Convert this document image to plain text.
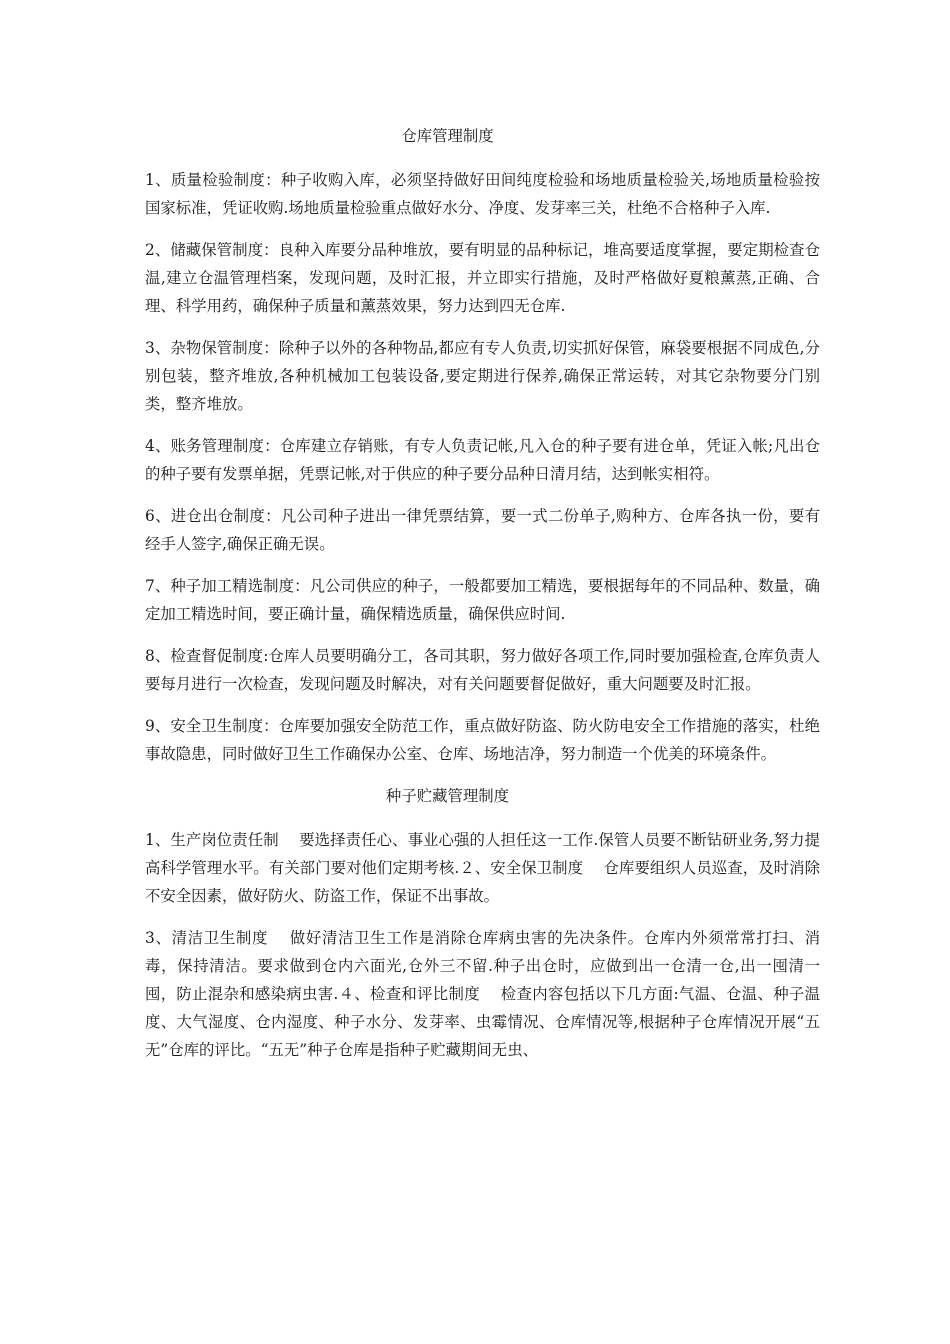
仓库管理制度

1、质量检验制度：种子收购入库，必须坚持做好田间纯度检验和场地质量检验关,场地质量检验按国家标准，凭证收购.场地质量检验重点做好水分、净度、发芽率三关，杜绝不合格种子入库.

2、储藏保管制度：良种入库要分品种堆放，要有明显的品种标记，堆高要适度掌握，要定期检查仓温,建立仓温管理档案，发现问题，及时汇报，并立即实行措施，及时严格做好夏粮薰蒸,正确、合理、科学用药，确保种子质量和薰蒸效果，努力达到四无仓库.

3、杂物保管制度：除种子以外的各种物品,都应有专人负责,切实抓好保管，麻袋要根据不同成色,分别包装，整齐堆放,各种机械加工包装设备,要定期进行保养,确保正常运转，对其它杂物要分门别类，整齐堆放。

4、账务管理制度：仓库建立存销账，有专人负责记帐,凡入仓的种子要有进仓单，凭证入帐;凡出仓的种子要有发票单据，凭票记帐,对于供应的种子要分品种日清月结，达到帐实相符。

6、进仓出仓制度：凡公司种子进出一律凭票结算，要一式二份单子,购种方、仓库各执一份，要有经手人签字,确保正确无误。

7、种子加工精选制度：凡公司供应的种子，一般都要加工精选，要根据每年的不同品种、数量，确定加工精选时间，要正确计量，确保精选质量，确保供应时间.

8、检查督促制度:仓库人员要明确分工，各司其职，努力做好各项工作,同时要加强检查,仓库负责人要每月进行一次检查，发现问题及时解决，对有关问题要督促做好，重大问题要及时汇报。

9、安全卫生制度：仓库要加强安全防范工作，重点做好防盗、防火防电安全工作措施的落实，杜绝事故隐患，同时做好卫生工作确保办公室、仓库、场地洁净，努力制造一个优美的环境条件。

种子贮藏管理制度

1、生产岗位责任制　 要选择责任心、事业心强的人担任这一工作.保管人员要不断钻研业务,努力提高科学管理水平。有关部门要对他们定期考核.２、安全保卫制度　 仓库要组织人员巡查，及时消除不安全因素，做好防火、防盗工作，保证不出事故。

3、清洁卫生制度　 做好清洁卫生工作是消除仓库病虫害的先决条件。仓库内外须常常打扫、消毒，保持清洁。要求做到仓内六面光,仓外三不留.种子出仓时，应做到出一仓清一仓,出一囤清一囤，防止混杂和感染病虫害.４、检查和评比制度　 检查内容包括以下几方面:气温、仓温、种子温度、大气湿度、仓内湿度、种子水分、发芽率、虫霉情况、仓库情况等,根据种子仓库情况开展“五无”仓库的评比。“五无”种子仓库是指种子贮藏期间无虫、
